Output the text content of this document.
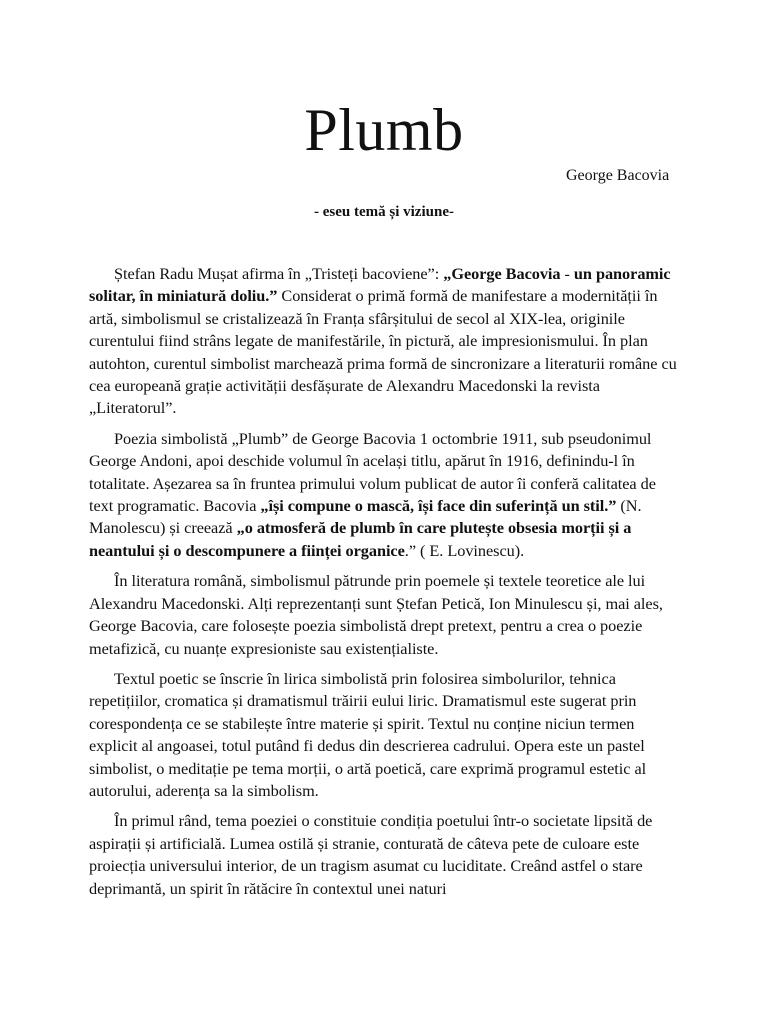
Plumb

George Bacovia

- eseu temă și viziune-

Ștefan Radu Mușat afirma în „Tristeți bacoviene”: „George Bacovia - un panoramic solitar, în miniatură doliu.” Considerat o primă formă de manifestare a modernității în artă, simbolismul se cristalizează în Franța sfârșitului de secol al XIX-lea, originile curentului fiind strâns legate de manifestările, în pictură, ale impresionismului. În plan autohton, curentul simbolist marchează prima formă de sincronizare a literaturii române cu cea europeană grație activității desfășurate de Alexandru Macedonski la revista „Literatorul”.

Poezia simbolistă „Plumb” de George Bacovia 1 octombrie 1911, sub pseudonimul George Andoni, apoi deschide volumul în același titlu, apărut în 1916, definindu-l în totalitate. Așezarea sa în fruntea primului volum publicat de autor îi conferă calitatea de text programatic. Bacovia „își compune o mască, își face din suferință un stil.” (N. Manolescu) și creează „o atmosferă de plumb în care plutește obsesia morții și a neantului și o descompunere a ființei organice.” ( E. Lovinescu).

În literatura română, simbolismul pătrunde prin poemele și textele teoretice ale lui Alexandru Macedonski. Alți reprezentanți sunt Ștefan Petică, Ion Minulescu și, mai ales, George Bacovia, care folosește poezia simbolistă drept pretext, pentru a crea o poezie metafizică, cu nuanțe expresioniste sau existențialiste.

Textul poetic se înscrie în lirica simbolistă prin folosirea simbolurilor, tehnica repetițiilor, cromatica și dramatismul trăirii eului liric. Dramatismul este sugerat prin corespondența ce se stabilește între materie și spirit. Textul nu conține niciun termen explicit al angoasei, totul putând fi dedus din descrierea cadrului. Opera este un pastel simbolist, o meditație pe tema morții, o artă poetică, care exprimă programul estetic al autorului, aderența sa la simbolism.

În primul rând, tema poeziei o constituie condiția poetului într-o societate lipsită de aspirații și artificială. Lumea ostilă și stranie, conturată de câteva pete de culoare este proiecția universului interior, de un tragism asumat cu luciditate. Creând astfel o stare deprimantă, un spirit în rătăcire în contextul unei naturi
